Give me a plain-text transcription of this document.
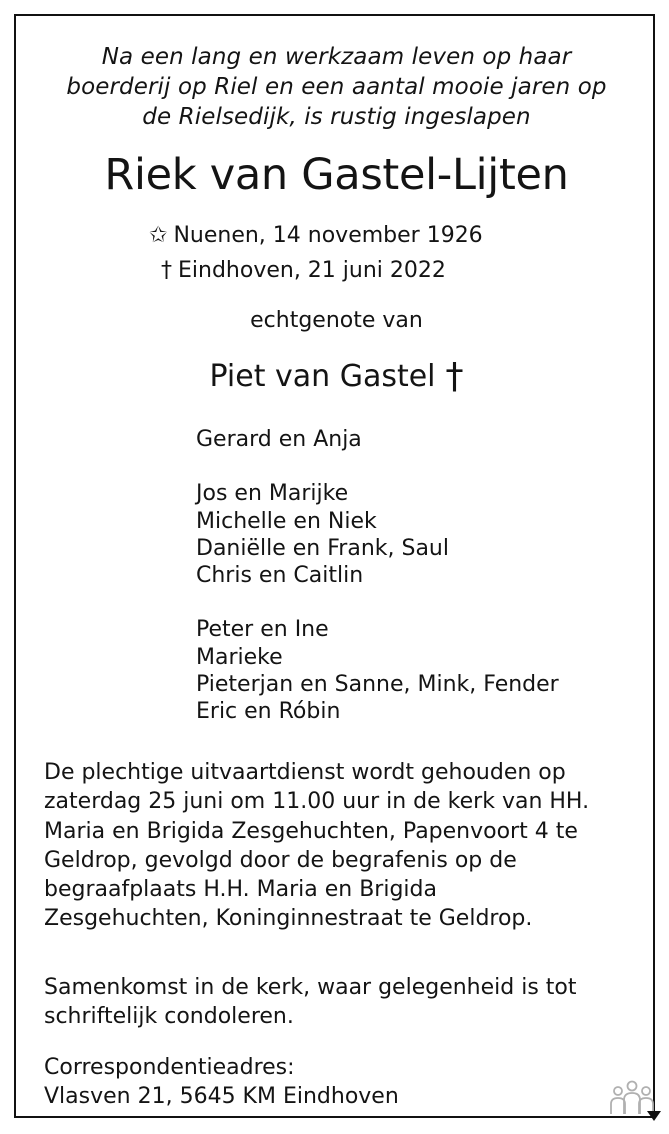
Na een lang en werkzaam leven op haar
boerderij op Riel en een aantal mooie jaren op
de Rielsedijk, is rustig ingeslapen
Riek van Gastel-Lijten
✩ Nuenen, 14 november 1926
† Eindhoven, 21 juni 2022
echtgenote van
Piet van Gastel †
Gerard en Anja
Jos en Marijke
Michelle en Niek
Daniëlle en Frank, Saul
Chris en Caitlin
Peter en Ine
Marieke
Pieterjan en Sanne, Mink, Fender
Eric en Róbin
De plechtige uitvaartdienst wordt gehouden op
zaterdag 25 juni om 11.00 uur in de kerk van HH.
Maria en Brigida Zesgehuchten, Papenvoort 4 te
Geldrop, gevolgd door de begrafenis op de
begraafplaats H.H. Maria en Brigida
Zesgehuchten, Koninginnestraat te Geldrop.
Samenkomst in de kerk, waar gelegenheid is tot
schriftelijk condoleren.
Correspondentieadres:
Vlasven 21, 5645 KM Eindhoven
